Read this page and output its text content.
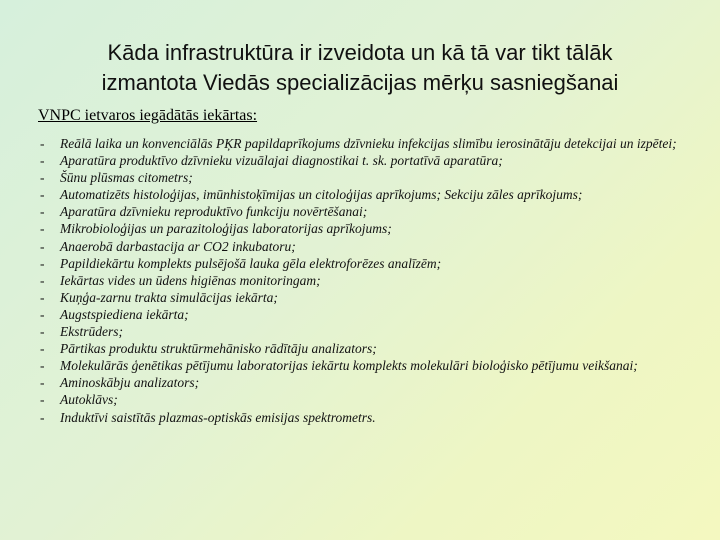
Kāda infrastruktūra ir izveidota un kā tā var tikt tālāk
izmantota Viedās specializācijas mērķu sasniegšanai
VNPC ietvaros iegādātās iekārtas:
- Reālā laika un konvenciālās PĶR papildaprīkojums dzīvnieku infekcijas slimību ierosinātāju detekcijai un izpētei;
- Aparatūra produktīvo dzīvnieku vizuālajai diagnostikai t. sk. portatīvā aparatūra;
- Šūnu plūsmas citometrs;
- Automatizēts histoloģijas, imūnhistoķīmijas un citoloģijas aprīkojums; Sekciju zāles aprīkojums;
- Aparatūra dzīvnieku reproduktīvo funkciju novērtēšanai;
- Mikrobioloģijas un parazitoloģijas laboratorijas aprīkojums;
- Anaerobā darbastacija ar CO2 inkubatoru;
- Papildiekārtu komplekts pulsējošā lauka gēla elektroforēzes analīzēm;
- Iekārtas vides un ūdens higiēnas monitoringam;
- Kuņģa-zarnu trakta simulācijas iekārta;
- Augstspiediena iekārta;
- Ekstrūders;
- Pārtikas produktu struktūrmehānisko rādītāju analizators;
- Molekulārās ģenētikas pētījumu laboratorijas iekārtu komplekts molekulāri bioloģisko pētījumu veikšanai;
- Aminoskābju analizators;
- Autoklāvs;
- Induktīvi saistītās plazmas-optiskās emisijas spektrometrs.
